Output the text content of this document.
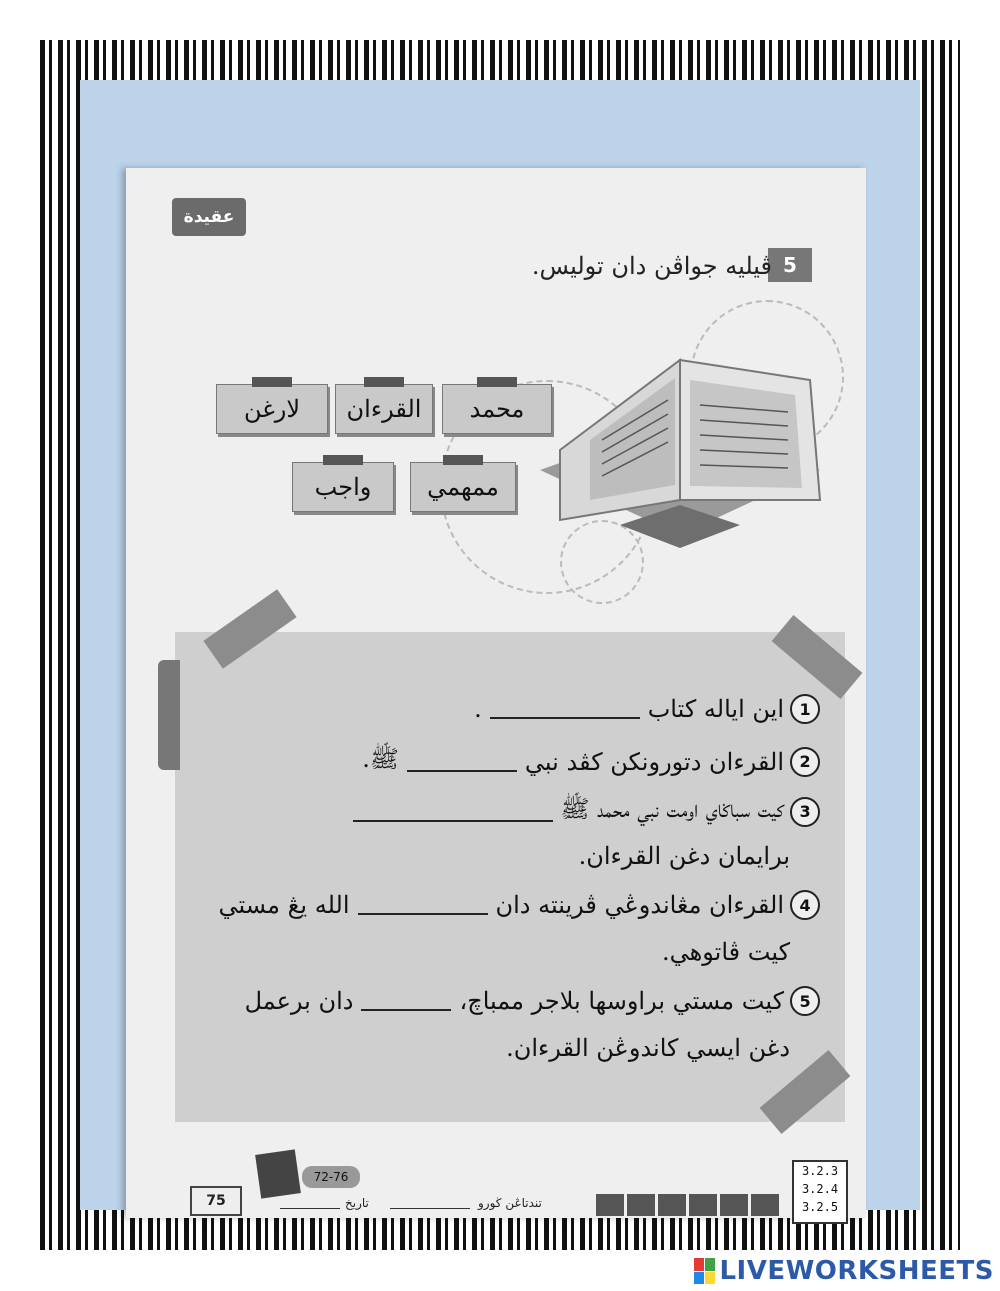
عقيدة
5
ڤيليه جواڤن دان توليس.
محمد
القرءان
لارغن
ممهمي
واجب
1
اين اياله كتاب
.
2
القرءان دتورونكن كڤد نبي
ﷺ.
3
كيت سباڬاي اومت نبي محمد ﷺ
برايمان دغن القرءان.
4
القرءان مڠاندوڠي ڤرينته دان
الله يڠ مستي
كيت ڤاتوهي.
5
كيت مستي براوسها بلاجر ممباچ،
دان برعمل
دغن ايسي كاندوڠن القرءان.
75
72-76
تاريخ	تندتاڠن ڬورو
3.2.3
3.2.4
3.2.5
LIVEWORKSHEETS
